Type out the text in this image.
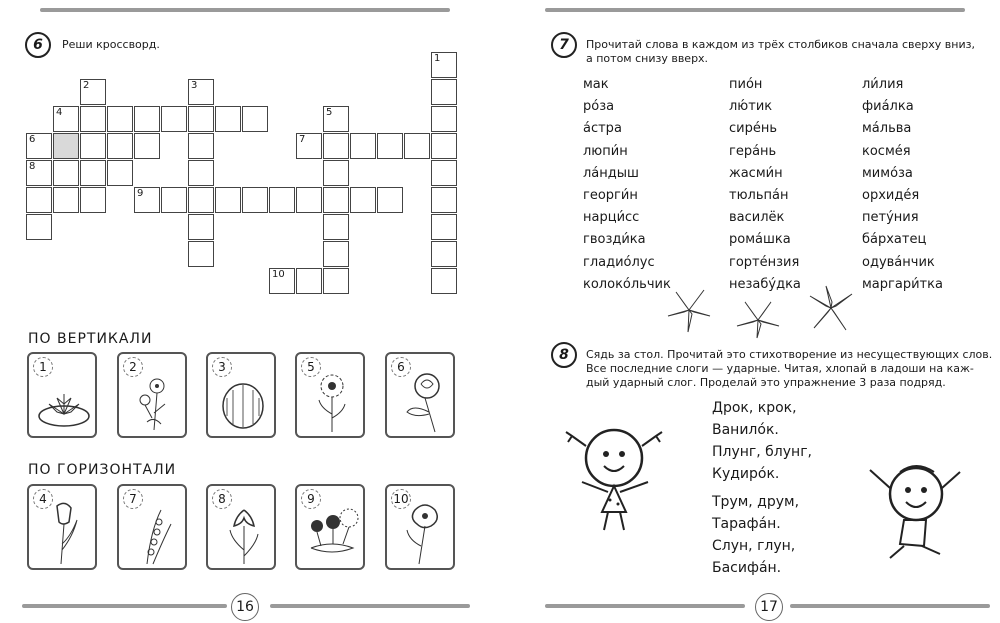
6	Реши кроссворд.
1
2	3
4	5
6	7
8
9
10
ПО ВЕРТИКАЛИ
ПО ГОРИЗОНТАЛИ
1	2	3	5	6
4	7	8	9	10
16
7	Прочитай слова в каждом из трёх столбиков сначала сверху вниз,
а потом снизу вверх.
мак
ро́за
а́стра
люпи́н
ла́ндыш
георги́н
нарци́сс
гвозди́ка
гладио́лус
колоко́льчик
пио́н
лю́тик
сире́нь
гера́нь
жасми́н
тюльпа́н
василёк
рома́шка
горте́нзия
незабу́дка
ли́лия
фиа́лка
ма́льва
косме́я
мимо́за
орхиде́я
пету́ния
ба́рхатец
одува́нчик
маргари́тка
8	Сядь за стол. Прочитай это стихотворение из несуществующих слов.
Все последние слоги — ударные. Читая, хлопай в ладоши на каж-
дый ударный слог. Проделай это упражнение 3 раза подряд.
Дрок, крок,
Ванило́к.
Плунг, блунг,
Кудиро́к.
Трум, друм,
Тарафа́н.
Слун, глун,
Басифа́н.
17
